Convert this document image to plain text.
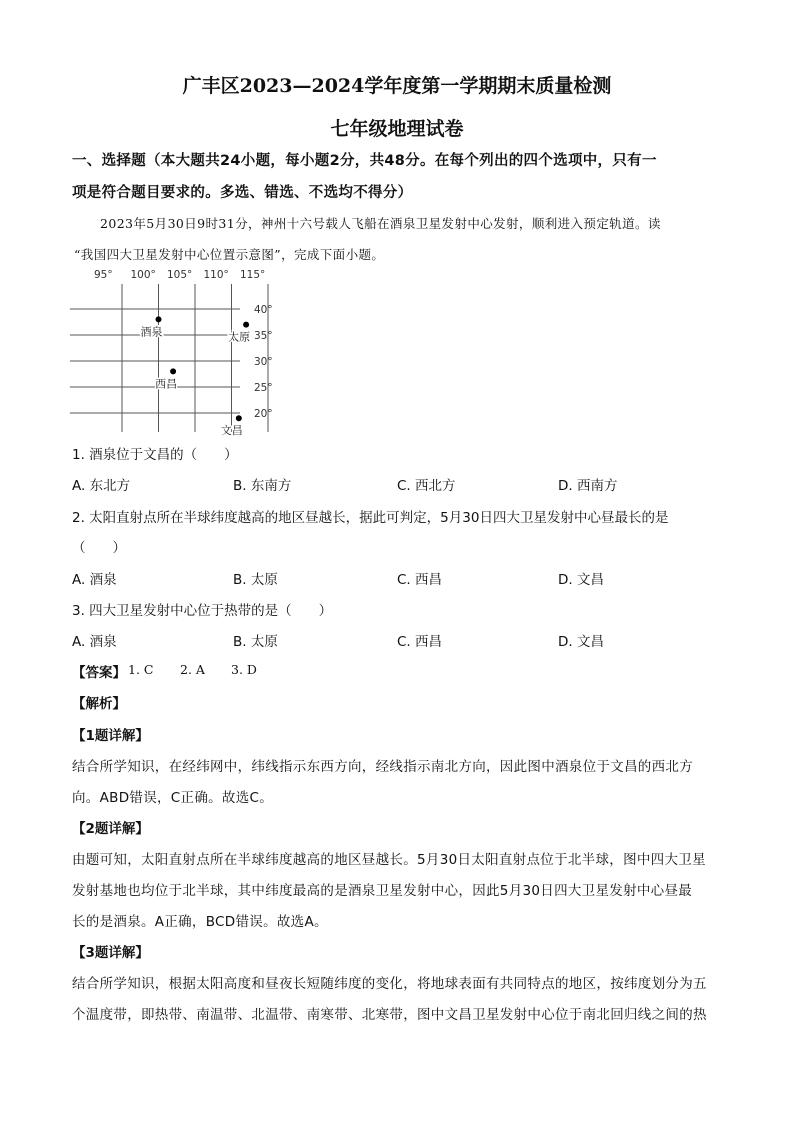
广丰区2023—2024学年度第一学期期末质量检测
七年级地理试卷
一、选择题（本大题共24小题，每小题2分，共48分。在每个列出的四个选项中，只有一
项是符合题目要求的。多选、错选、不选均不得分）
2023年5月30日9时31分，神州十六号载人飞船在酒泉卫星发射中心发射，顺利进入预定轨道。读
“我国四大卫星发射中心位置示意图”，完成下面小题。
95° 100° 105° 110° 115°
40°
35°
30°
25°
20°
酒泉	太原
西昌
文昌
1. 酒泉位于文昌的（　　）
A. 东北方	B. 东南方	C. 西北方	D. 西南方
2. 太阳直射点所在半球纬度越高的地区昼越长，据此可判定，5月30日四大卫星发射中心昼最长的是
（　　）
A. 酒泉	B. 太原	C. 西昌	D. 文昌
3. 四大卫星发射中心位于热带的是（　　）
A. 酒泉	B. 太原	C. 西昌	D. 文昌
【答案】 1. C 2. A 3. D
【解析】
【1题详解】
结合所学知识，在经纬网中，纬线指示东西方向，经线指示南北方向，因此图中酒泉位于文昌的西北方
向。ABD错误，C正确。故选C。
【2题详解】
由题可知，太阳直射点所在半球纬度越高的地区昼越长。5月30日太阳直射点位于北半球，图中四大卫星
发射基地也均位于北半球，其中纬度最高的是酒泉卫星发射中心，因此5月30日四大卫星发射中心昼最
长的是酒泉。A正确，BCD错误。故选A。
【3题详解】
结合所学知识，根据太阳高度和昼夜长短随纬度的变化，将地球表面有共同特点的地区，按纬度划分为五
个温度带，即热带、南温带、北温带、南寒带、北寒带，图中文昌卫星发射中心位于南北回归线之间的热
